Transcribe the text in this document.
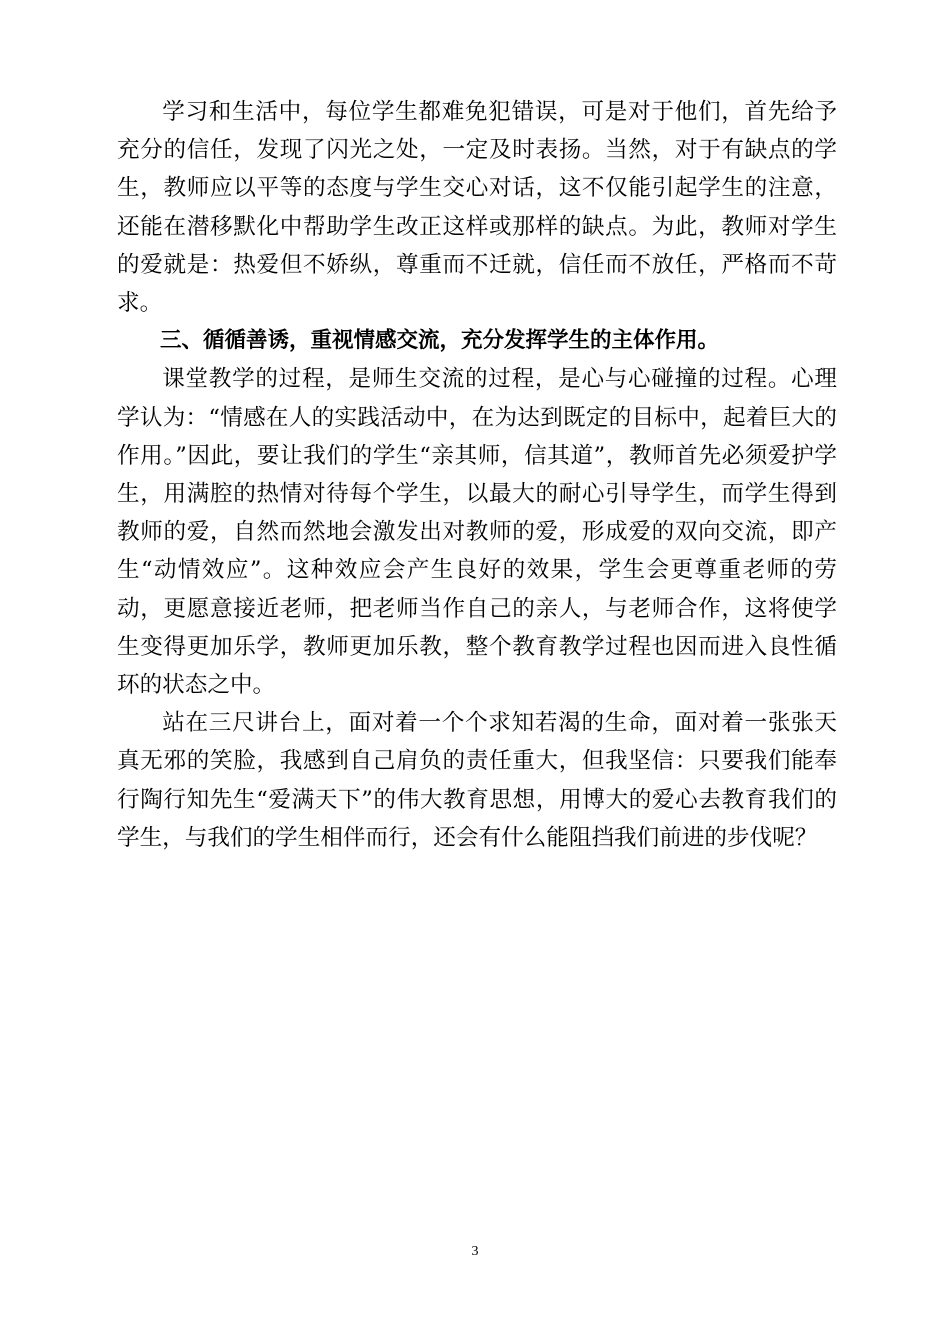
学习和生活中，每位学生都难免犯错误，可是对于他们，首先给予充分的信任，发现了闪光之处，一定及时表扬。当然，对于有缺点的学生，教师应以平等的态度与学生交心对话，这不仅能引起学生的注意，还能在潜移默化中帮助学生改正这样或那样的缺点。为此，教师对学生的爱就是：热爱但不娇纵，尊重而不迁就，信任而不放任，严格而不苛求。

三、循循善诱，重视情感交流，充分发挥学生的主体作用。

课堂教学的过程，是师生交流的过程，是心与心碰撞的过程。心理学认为：“情感在人的实践活动中，在为达到既定的目标中，起着巨大的作用。”因此，要让我们的学生“亲其师，信其道”，教师首先必须爱护学生，用满腔的热情对待每个学生，以最大的耐心引导学生，而学生得到教师的爱，自然而然地会激发出对教师的爱，形成爱的双向交流，即产生“动情效应”。这种效应会产生良好的效果，学生会更尊重老师的劳动，更愿意接近老师，把老师当作自己的亲人，与老师合作，这将使学生变得更加乐学，教师更加乐教，整个教育教学过程也因而进入良性循环的状态之中。

站在三尺讲台上，面对着一个个求知若渴的生命，面对着一张张天真无邪的笑脸，我感到自己肩负的责任重大，但我坚信：只要我们能奉行陶行知先生“爱满天下”的伟大教育思想，用博大的爱心去教育我们的学生，与我们的学生相伴而行，还会有什么能阻挡我们前进的步伐呢？

3
